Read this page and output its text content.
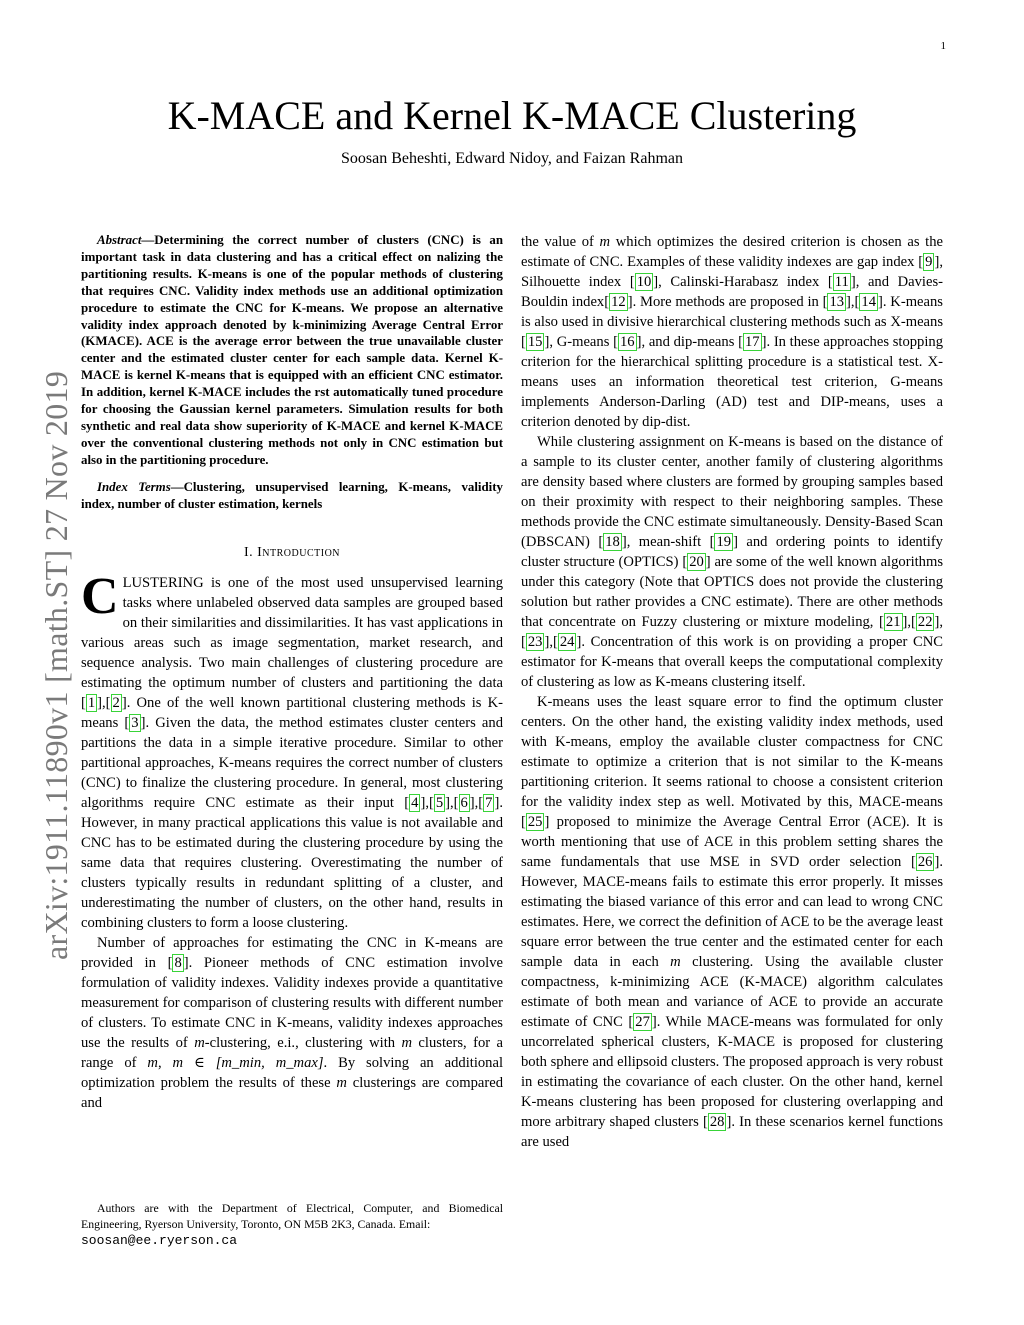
1
arXiv:1911.11890v1 [math.ST] 27 Nov 2019
K-MACE and Kernel K-MACE Clustering
Soosan Beheshti, Edward Nidoy, and Faizan Rahman

Abstract—Determining the correct number of clusters (CNC) is an important task in data clustering and has a critical effect on nalizing the partitioning results. K-means is one of the popular methods of clustering that requires CNC. Validity index methods use an additional optimization procedure to estimate the CNC for K-means. We propose an alternative validity index approach denoted by k-minimizing Average Central Error (KMACE). ACE is the average error between the true unavailable cluster center and the estimated cluster center for each sample data. Kernel K-MACE is kernel K-means that is equipped with an efficient CNC estimator. In addition, kernel K-MACE includes the rst automatically tuned procedure for choosing the Gaussian kernel parameters. Simulation results for both synthetic and real data show superiority of K-MACE and kernel K-MACE over the conventional clustering methods not only in CNC estimation but also in the partitioning procedure.

Index Terms—Clustering, unsupervised learning, K-means, validity index, number of cluster estimation, kernels

I. Introduction

CLUSTERING is one of the most used unsupervised learning tasks where unlabeled observed data samples are grouped based on their similarities and dissimilarities. It has vast applications in various areas such as image segmentation, market research, and sequence analysis. Two main challenges of clustering procedure are estimating the optimum number of clusters and partitioning the data [ 1 ],[ 2 ]. One of the well known partitional clustering methods is K-means [ 3 ]. Given the data, the method estimates cluster centers and partitions the data in a simple iterative procedure. Similar to other partitional approaches, K-means requires the correct number of clusters (CNC) to finalize the clustering procedure. In general, most clustering algorithms require CNC estimate as their input [ 4 ],[ 5 ],[ 6 ],[ 7 ]. However, in many practical applications this value is not available and CNC has to be estimated during the clustering procedure by using the same data that requires clustering. Overestimating the number of clusters typically results in redundant splitting of a cluster, and underestimating the number of clusters, on the other hand, results in combining clusters to form a loose clustering.

Number of approaches for estimating the CNC in K-means are provided in [ 8 ]. Pioneer methods of CNC estimation involve formulation of validity indexes. Validity indexes provide a quantitative measurement for comparison of clustering results with different number of clusters. To estimate CNC in K-means, validity indexes approaches use the results of m-clustering, e.i., clustering with m clusters, for a range of m, m ∈ [m_min, m_max]. By solving an additional optimization problem the results of these m clusterings are compared and

Authors are with the Department of Electrical, Computer, and Biomedical Engineering, Ryerson University, Toronto, ON M5B 2K3, Canada. Email:
soosan@ee.ryerson.ca

the value of m which optimizes the desired criterion is chosen as the estimate of CNC. Examples of these validity indexes are gap index [ 9 ], Silhouette index [ 10 ], Calinski-Harabasz index [ 11 ], and Davies-Bouldin index[ 12 ]. More methods are proposed in [ 13 ],[ 14 ]. K-means is also used in divisive hierarchical clustering methods such as X-means [ 15 ], G-means [ 16 ], and dip-means [ 17 ]. In these approaches stopping criterion for the hierarchical splitting procedure is a statistical test. X-means uses an information theoretical test criterion, G-means implements Anderson-Darling (AD) test and DIP-means, uses a criterion denoted by dip-dist.

While clustering assignment on K-means is based on the distance of a sample to its cluster center, another family of clustering algorithms are density based where clusters are formed by grouping samples based on their proximity with respect to their neighboring samples. These methods provide the CNC estimate simultaneously. Density-Based Scan (DBSCAN) [ 18 ], mean-shift [ 19 ] and ordering points to identify cluster structure (OPTICS) [ 20 ] are some of the well known algorithms under this category (Note that OPTICS does not provide the clustering solution but rather provides a CNC estimate). There are other methods that concentrate on Fuzzy clustering or mixture modeling, [ 21 ],[ 22 ],[ 23 ],[ 24 ]. Concentration of this work is on providing a proper CNC estimator for K-means that overall keeps the computational complexity of clustering as low as K-means clustering itself.

K-means uses the least square error to find the optimum cluster centers. On the other hand, the existing validity index methods, used with K-means, employ the available cluster compactness for CNC estimate to optimize a criterion that is not similar to the K-means partitioning criterion. It seems rational to choose a consistent criterion for the validity index step as well. Motivated by this, MACE-means [ 25 ] proposed to minimize the Average Central Error (ACE). It is worth mentioning that use of ACE in this problem setting shares the same fundamentals that use MSE in SVD order selection [ 26 ]. However, MACE-means fails to estimate this error properly. It misses estimating the biased variance of this error and can lead to wrong CNC estimates. Here, we correct the definition of ACE to be the average least square error between the true center and the estimated center for each sample data in each m clustering. Using the available cluster compactness, k-minimizing ACE (K-MACE) algorithm calculates estimate of both mean and variance of ACE to provide an accurate estimate of CNC [ 27 ]. While MACE-means was formulated for only uncorrelated spherical clusters, K-MACE is proposed for clustering both sphere and ellipsoid clusters. The proposed approach is very robust in estimating the covariance of each cluster. On the other hand, kernel K-means clustering has been proposed for clustering overlapping and more arbitrary shaped clusters [ 28 ]. In these scenarios kernel functions are used
